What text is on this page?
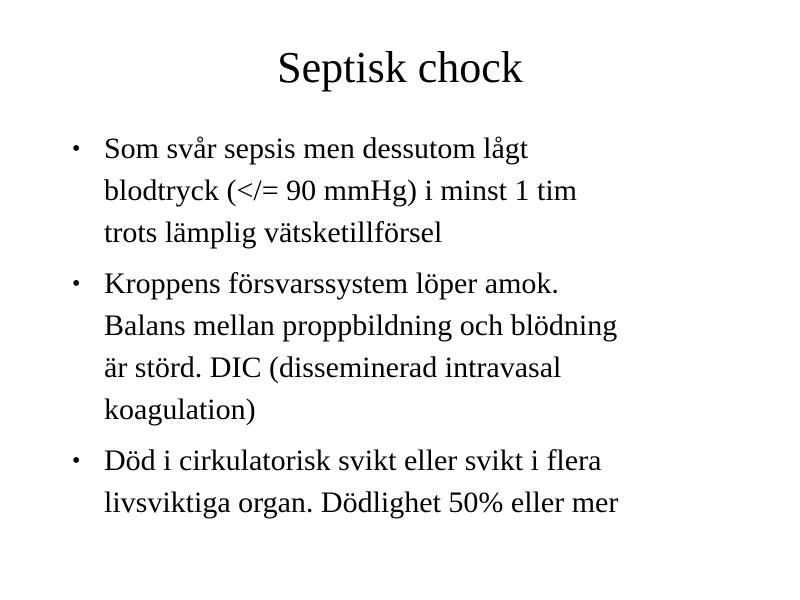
Septisk chock
• Som svår sepsis men dessutom lågt
blodtryck (</= 90 mmHg) i minst 1 tim
trots lämplig vätsketillförsel
• Kroppens försvarssystem löper amok.
Balans mellan proppbildning och blödning
är störd. DIC (disseminerad intravasal
koagulation)
• Död i cirkulatorisk svikt eller svikt i flera
livsviktiga organ. Dödlighet 50% eller mer
